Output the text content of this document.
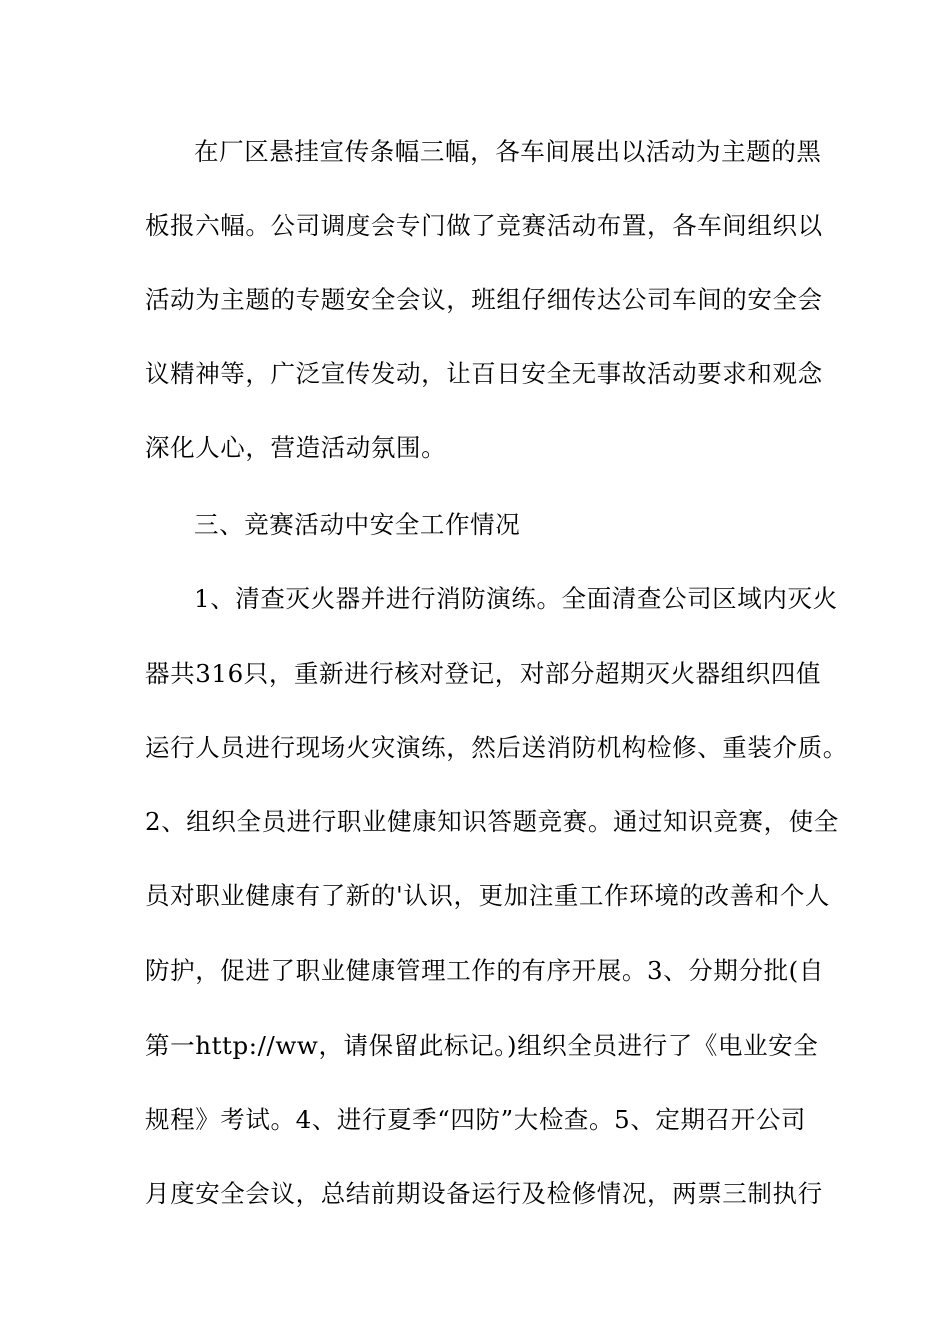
在厂区悬挂宣传条幅三幅，各车间展出以活动为主题的黑
板报六幅。公司调度会专门做了竞赛活动布置，各车间组织以
活动为主题的专题安全会议，班组仔细传达公司车间的安全会
议精神等，广泛宣传发动，让百日安全无事故活动要求和观念
深化人心，营造活动氛围。
三、竞赛活动中安全工作情况
1、清查灭火器并进行消防演练。全面清查公司区域内灭火
器共316只，重新进行核对登记，对部分超期灭火器组织四值
运行人员进行现场火灾演练，然后送消防机构检修、重装介质。
2、组织全员进行职业健康知识答题竞赛。通过知识竞赛，使全
员对职业健康有了新的'认识，更加注重工作环境的改善和个人
防护，促进了职业健康管理工作的有序开展。3、分期分批(自
第一http://ww，请保留此标记。)组织全员进行了《电业安全
规程》考试。4、进行夏季“四防”大检查。5、定期召开公司
月度安全会议，总结前期设备运行及检修情况，两票三制执行
